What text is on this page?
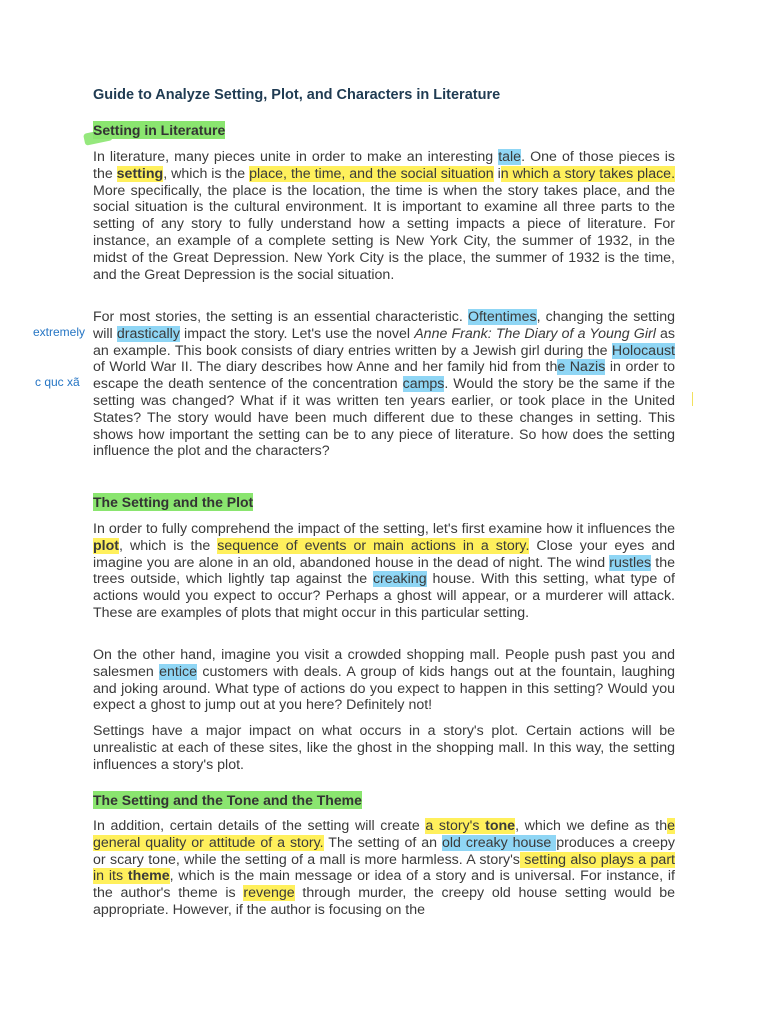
Guide to Analyze Setting, Plot, and Characters in Literature
Setting in Literature

In literature, many pieces unite in order to make an interesting tale. One of those pieces is the setting, which is the place, the time, and the social situation in which a story takes place. More specifically, the place is the location, the time is when the story takes place, and the social situation is the cultural environment. It is important to examine all three parts to the setting of any story to fully understand how a setting impacts a piece of literature. For instance, an example of a complete setting is New York City, the summer of 1932, in the midst of the Great Depression. New York City is the place, the summer of 1932 is the time, and the Great Depression is the social situation.

For most stories, the setting is an essential characteristic. Oftentimes, changing the setting will drastically impact the story. Let's use the novel Anne Frank: The Diary of a Young Girl as an example. This book consists of diary entries written by a Jewish girl during the Holocaust of World War II. The diary describes how Anne and her family hid from the Nazis in order to escape the death sentence of the concentration camps. Would the story be the same if the setting was changed? What if it was written ten years earlier, or took place in the United States? The story would have been much different due to these changes in setting. This shows how important the setting can be to any piece of literature. So how does the setting influence the plot and the characters?

extremely
c quc xã
The Setting and the Plot

In order to fully comprehend the impact of the setting, let's first examine how it influences the plot, which is the sequence of events or main actions in a story. Close your eyes and imagine you are alone in an old, abandoned house in the dead of night. The wind rustles the trees outside, which lightly tap against the creaking house. With this setting, what type of actions would you expect to occur? Perhaps a ghost will appear, or a murderer will attack. These are examples of plots that might occur in this particular setting.

On the other hand, imagine you visit a crowded shopping mall. People push past you and salesmen entice customers with deals. A group of kids hangs out at the fountain, laughing and joking around. What type of actions do you expect to happen in this setting? Would you expect a ghost to jump out at you here? Definitely not!

Settings have a major impact on what occurs in a story's plot. Certain actions will be unrealistic at each of these sites, like the ghost in the shopping mall. In this way, the setting influences a story's plot.

The Setting and the Tone and the Theme

In addition, certain details of the setting will create a story's tone, which we define as the general quality or attitude of a story. The setting of an old creaky house produces a creepy or scary tone, while the setting of a mall is more harmless. A story's setting also plays a part in its theme, which is the main message or idea of a story and is universal. For instance, if the author's theme is revenge through murder, the creepy old house setting would be appropriate. However, if the author is focusing on the
